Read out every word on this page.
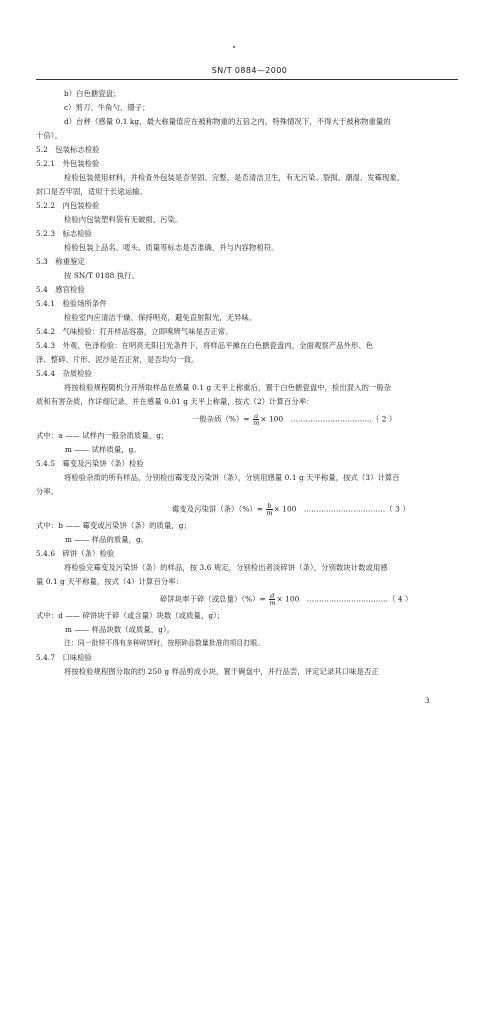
SN/T 0884—2000
b）白色搪瓷盘；
c）剪刀、牛角勺、镊子；
d）台秤（感量 0.1 kg，最大称量值应在被称物重的五倍之内，特殊情况下，不得大于被称物重量的
十倍）。
5.2　包装标志检验
5.2.1　外包装检验
检验包装使用材料，并检查外包装是否坚固、完整，是否清洁卫生，有无污染、裂损、潮湿、发霉现象，
封口是否牢固，适用于长途运输。
5.2.2　内包装检验
检验内包装塑料袋有无破损、污染。
5.2.3　标志检验
检验包装上品名、唛头、质量等标志是否准确，并与内容物相符。
5.3　称重鉴定
按 SN/T 0188 执行。
5.4　感官检验
5.4.1　检验场所条件
检验室内应清洁干燥、保持明亮，避免直射阳光，无异味。
5.4.2　气味检验：打开样品容器，立即嗅辨气味是否正常。
5.4.3　外观、色泽检验：在明亮无阳日光条件下，将样品平摊在白色搪瓷盘内，全面观察产品外形、色
泽、整碎、片形、泥沙是否正常，是否均匀一致。
5.4.4　杂质检验
将按检验规程随机分开所取样品在感量 0.1 g 天平上称重后，置于白色搪瓷盘中，检出混入的一般杂
质和有害杂质，作详细记录，并在感量 0.01 g 天平上称量，按式（2）计算百分率：
一般杂质（%）= $\frac{a}{m} \times 100$　……………………………（ 2 ）
式中：a —— 试样内一般杂质质量，g；
m —— 试样质量，g。
5.4.5　霉变及污染饼（条）检验
将检验杂质的所有样品，分别检出霉变及污染饼（条），分别用感量 0.1 g 天平称量，按式（3）计算百
分率。
霉变及污染饼（条）（%）= $\frac{b}{m} \times 100$　……………………………（ 3 ）
式中：b —— 霉变或污染饼（条）的质量，g；
m —— 样品的质量，g。
5.4.6　碎饼（条）检验
将检验完霉变及污染饼（条）的样品，按 3.6 规定，分别检出者淡碎饼（条），分别数块计数或用感
量 0.1 g 天平称量，按式（4）计算百分率：
碎饼块率于碎（或总量）（%）= $\frac{d}{m} \times 100$　……………………………（ 4 ）
式中：d —— 碎饼块于碎（或含量）块数（或质量，g）；
m —— 样品块数（或质量，g）。
注：同一批样不得有多种碎饼时，按照碎品数量批准的项目打眼。
5.4.7　口味检验
将按检验规程图分取的约 250 g 样品剪成小块，置于碗盘中，并行品尝，评定记录其口味是否正
3
